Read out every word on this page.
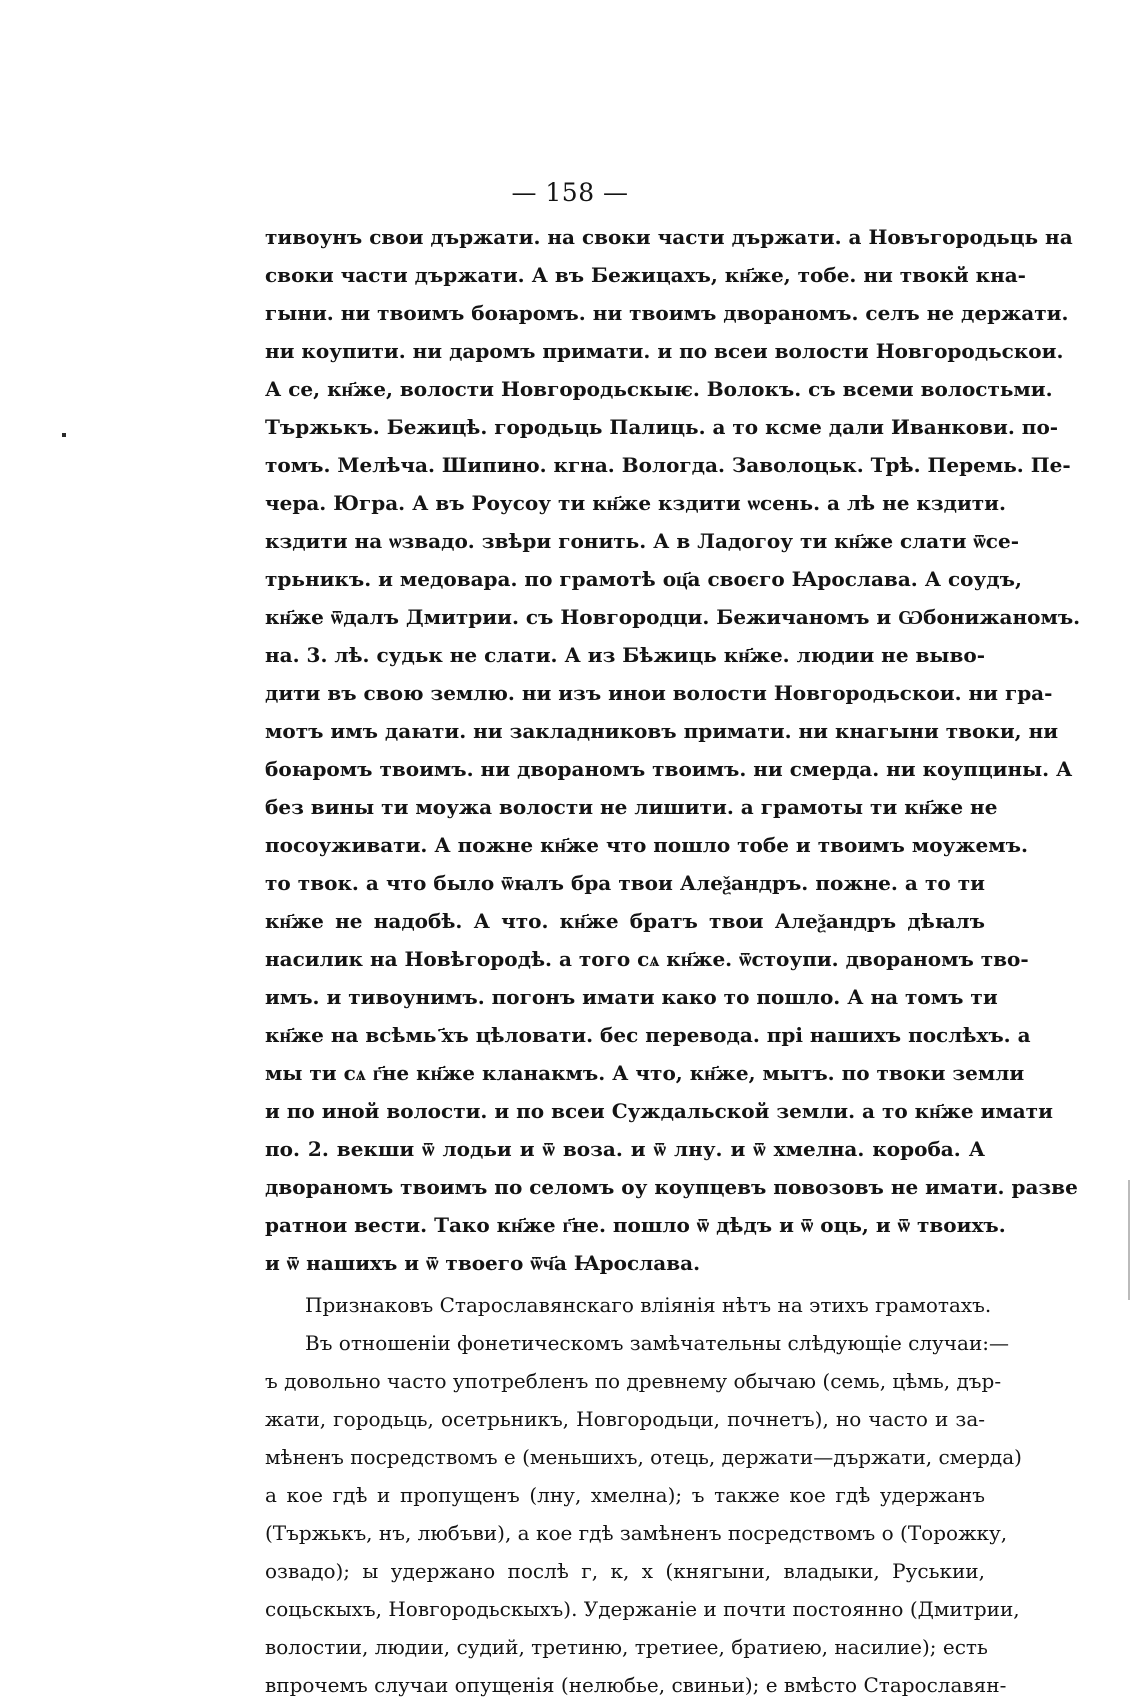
— 158 —
тивоунъ свои държати. на своки части държати. а Новъгородьць на
своки части държати. А въ Бежицахъ, кн҃же, тобе. ни твокй кна-
гыни. ни твоимъ боꙗромъ. ни твоимъ двораномъ. селъ не держати.
ни коупити. ни даромъ примати. и по всеи волости Новгородьскои.
А се, кн҃же, волости Новгородьскыѥ. Волокъ. съ всеми волостьми.
Тържькъ. Бежицѣ. городьць Палиць. а то ксме дали Иванкови. по-
томъ. Мелѣча. Шипино. кгна. Вологда. Заволоцьк. Трѣ. Перемь. Пе-
чера. Югра. А въ Роусоу ти кн҃же кздити ѡсень. а лѣ не кздити.
кздити на ѡзвадо. звѣри гонить. А в Ладогоу ти кн҃же слати ѿсе-
трьникъ. и медовара. по грамотѣ оц҃а своєго Ꙗрослава. А соудъ,
кн҃же ѿдалъ Дмитрии. съ Новгородци. Бежичаномъ и Ѡбонижаномъ.
на. 3. лѣ. судьк не слати. А из Бѣжиць кн҃же. людии не выво-
дити въ свою землю. ни изъ инои волости Новгородьскои. ни гра-
мотъ имъ даꙗти. ни закладниковъ примати. ни кнагыни твоки, ни
боꙗромъ твоимъ. ни двораномъ твоимъ. ни смерда. ни коупцины. А
без вины ти моужа волости не лишити. а грамоты ти кн҃же не
посоуживати. А пожне кн҃же что пошло тобе и твоимъ моужемъ.
то твок. а что было ѿꙗлъ бра твои Алеѯандръ. пожне. а то ти
кн҃же не надобѣ. А что. кн҃же братъ твои Алеѯандръ дѣꙗлъ
насилик на Новѣгородѣ. а того сѧ кн҃же. ѿстоупи. двораномъ тво-
имъ. и тивоунимъ. погонъ имати како то пошло. А на томъ ти
кн҃же на всѣмь ҃хъ цѣловати. бес перевода. прі нашихъ послѣхъ. а
мы ти сѧ г҃не кн҃же кланакмъ. А что, кн҃же, мытъ. по твоки земли
и по иной волости. и по всеи Суждальской земли. а то кн҃же имати
по. 2. векши ѿ лодьи и ѿ воза. и ѿ лну. и ѿ хмелна. короба. А
двораномъ твоимъ по селомъ оу коупцевъ повозовъ не имати. разве
ратнои вести. Тако кн҃же г҃не. пошло ѿ дѣдъ и ѿ оць, и ѿ твоихъ.
и ѿ нашихъ и ѿ твоего ѿч҃а Ꙗрослава.
Признаковъ Старославянскаго вліянія нѣтъ на этихъ грамотахъ.
Въ отношеніи фонетическомъ замѣчательны слѣдующіе случаи:—
ъ довольно часто употребленъ по древнему обычаю (семь, цѣмь, дър-
жати, городьць, осетрьникъ, Новгородьци, почнетъ), но часто и за-
мѣненъ посредствомъ е (меньшихъ, отець, держати—държати, смерда)
а кое гдѣ и пропущенъ (лну, хмелна); ъ также кое гдѣ удержанъ
(Тържькъ, нъ, любъви), а кое гдѣ замѣненъ посредствомъ о (Торожку,
озвадо); ы удержано послѣ г, к, х (княгыни, владыки, Руськии,
соцьскыхъ, Новгородьскыхъ). Удержаніе и почти постоянно (Дмитрии,
волостии, людии, судий, третиню, третиее, братиею, насилие); есть
впрочемъ случаи опущенія (нелюбье, свиньи); е вмѣсто Старославян-
